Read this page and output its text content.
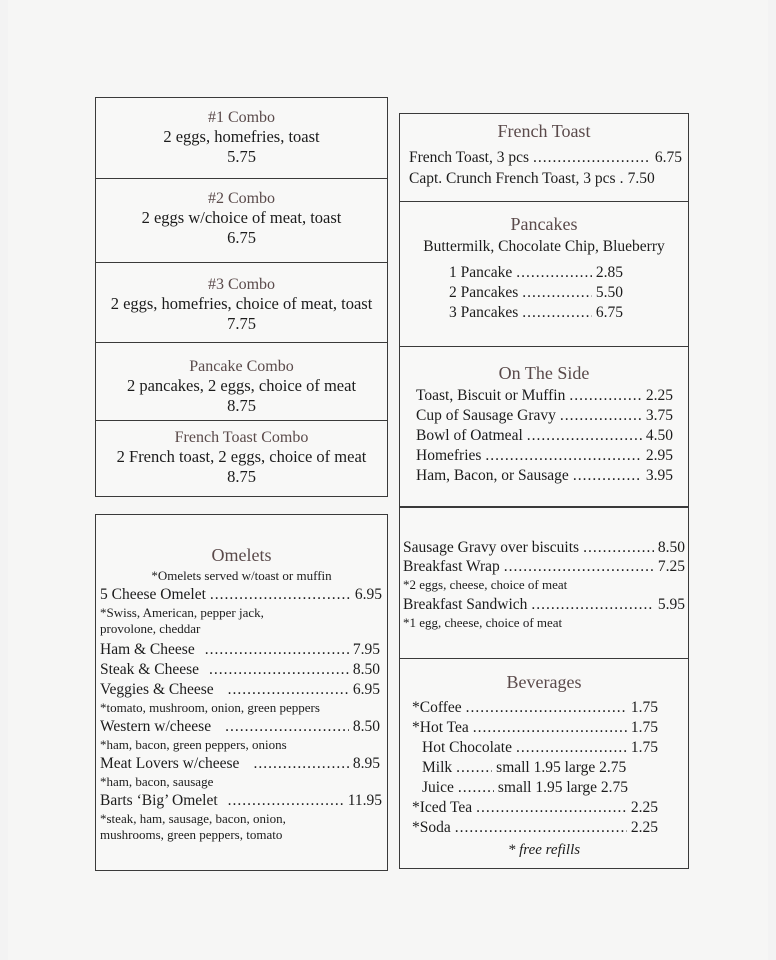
#1 Combo
2 eggs, homefries, toast
5.75
#2 Combo
2 eggs w/choice of meat, toast
6.75
#3 Combo
2 eggs, homefries, choice of meat, toast
7.75
Pancake Combo
2 pancakes, 2 eggs, choice of meat
8.75
French Toast Combo
2 French toast, 2 eggs, choice of meat
8.75
French Toast
French Toast, 3 pcs .....	6.75
Capt. Crunch French Toast, 3 pcs ..... 7.50
Pancakes
Buttermilk, Chocolate Chip, Blueberry
1 Pancake .....	2.85
2 Pancakes .....	5.50
3 Pancakes .....	6.75
On The Side
Toast, Biscuit or Muffin .....	2.25
Cup of Sausage Gravy .....	3.75
Bowl of Oatmeal .....	4.50
Homefries .....	2.95
Ham, Bacon, or Sausage .....	3.95
Omelets
*Omelets served w/toast or muffin
5 Cheese Omelet .....	6.95
*Swiss, American, pepper jack,
provolone, cheddar
Ham & Cheese .....	7.95
Steak & Cheese .....	8.50
Veggies & Cheese .....	6.95
*tomato, mushroom, onion, green peppers
Western w/cheese .....	8.50
*ham, bacon, green peppers, onions
Meat Lovers w/cheese .....	8.95
*ham, bacon, sausage
Barts ‘Big’ Omelet .....	11.95
*steak, ham, sausage, bacon, onion,
mushrooms, green peppers, tomato
Sausage Gravy over biscuits .....	8.50
Breakfast Wrap .....	7.25
*2 eggs, cheese, choice of meat
Breakfast Sandwich .....	5.95
*1 egg, cheese, choice of meat
Beverages
*Coffee .....	1.75
*Hot Tea .....	1.75
Hot Chocolate .....	1.75
Milk .....	small 1.95 large 2.75
Juice .....	small 1.95 large 2.75
*Iced Tea .....	2.25
*Soda .....	2.25
* free refills
